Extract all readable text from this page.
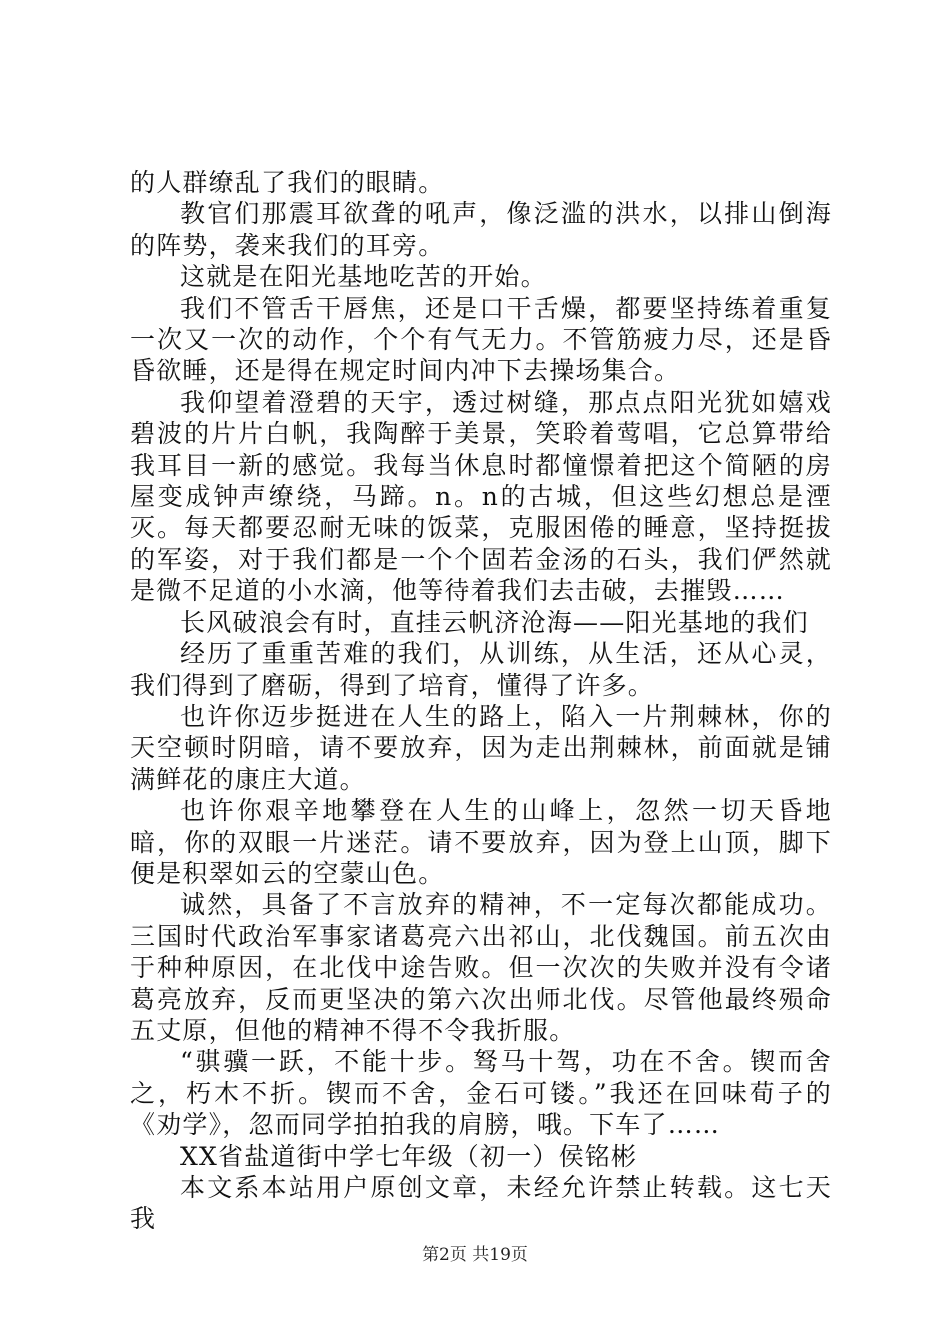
的人群缭乱了我们的眼睛。

教官们那震耳欲聋的吼声，像泛滥的洪水，以排山倒海的阵势，袭来我们的耳旁。

这就是在阳光基地吃苦的开始。

我们不管舌干唇焦，还是口干舌燥，都要坚持练着重复一次又一次的动作，个个有气无力。不管筋疲力尽，还是昏昏欲睡，还是得在规定时间内冲下去操场集合。

我仰望着澄碧的天宇，透过树缝，那点点阳光犹如嬉戏碧波的片片白帆，我陶醉于美景，笑聆着莺唱，它总算带给我耳目一新的感觉。我每当休息时都憧憬着把这个简陋的房屋变成钟声缭绕，马蹄。n。n的古城，但这些幻想总是湮灭。每天都要忍耐无味的饭菜，克服困倦的睡意，坚持挺拔的军姿，对于我们都是一个个固若金汤的石头，我们俨然就是微不足道的小水滴，他等待着我们去击破，去摧毁……

长风破浪会有时，直挂云帆济沧海——阳光基地的我们

经历了重重苦难的我们，从训练，从生活，还从心灵，我们得到了磨砺，得到了培育，懂得了许多。

也许你迈步挺进在人生的路上，陷入一片荆棘林，你的天空顿时阴暗，请不要放弃，因为走出荆棘林，前面就是铺满鲜花的康庄大道。

也许你艰辛地攀登在人生的山峰上，忽然一切天昏地暗，你的双眼一片迷茫。请不要放弃，因为登上山顶，脚下便是积翠如云的空蒙山色。

诚然，具备了不言放弃的精神，不一定每次都能成功。三国时代政治军事家诸葛亮六出祁山，北伐魏国。前五次由于种种原因，在北伐中途告败。但一次次的失败并没有令诸葛亮放弃，反而更坚决的第六次出师北伐。尽管他最终殒命五丈原，但他的精神不得不令我折服。

“骐骥一跃，不能十步。驽马十驾，功在不舍。锲而舍之，朽木不折。锲而不舍，金石可镂。”我还在回味荀子的《劝学》，忽而同学拍拍我的肩膀，哦。下车了……

XX省盐道街中学七年级（初一）侯铭彬

本文系本站用户原创文章，未经允许禁止转载。这七天我

第2页 共19页
